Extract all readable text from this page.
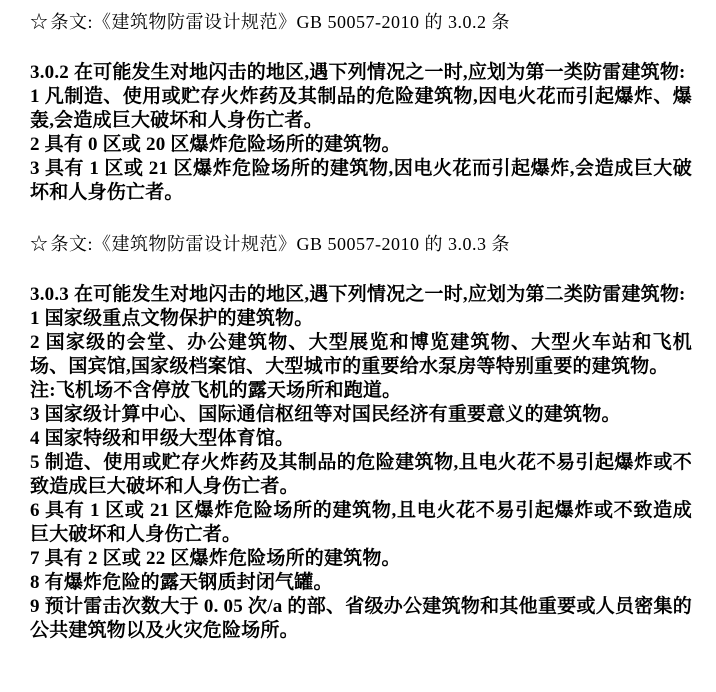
☆ 条文:《建筑物防雷设计规范》GB 50057-2010 的 3.0.2 条

3.0.2 在可能发生对地闪击的地区,遇下列情况之一时,应划为第一类防雷建筑物:

1 凡制造、使用或贮存火炸药及其制品的危险建筑物,因电火花而引起爆炸、爆轰,会造成巨大破坏和人身伤亡者。

2 具有 0 区或 20 区爆炸危险场所的建筑物。

3 具有 1 区或 21 区爆炸危险场所的建筑物,因电火花而引起爆炸,会造成巨大破坏和人身伤亡者。

☆ 条文:《建筑物防雷设计规范》GB 50057-2010 的 3.0.3 条

3.0.3 在可能发生对地闪击的地区,遇下列情况之一时,应划为第二类防雷建筑物:

1 国家级重点文物保护的建筑物。

2 国家级的会堂、办公建筑物、大型展览和博览建筑物、大型火车站和飞机场、国宾馆,国家级档案馆、大型城市的重要给水泵房等特别重要的建筑物。

注:飞机场不含停放飞机的露天场所和跑道。

3 国家级计算中心、国际通信枢纽等对国民经济有重要意义的建筑物。

4 国家特级和甲级大型体育馆。

5 制造、使用或贮存火炸药及其制品的危险建筑物,且电火花不易引起爆炸或不致造成巨大破坏和人身伤亡者。

6 具有 1 区或 21 区爆炸危险场所的建筑物,且电火花不易引起爆炸或不致造成巨大破坏和人身伤亡者。

7 具有 2 区或 22 区爆炸危险场所的建筑物。

8 有爆炸危险的露天钢质封闭气罐。

9 预计雷击次数大于 0. 05 次/a 的部、省级办公建筑物和其他重要或人员密集的公共建筑物以及火灾危险场所。
